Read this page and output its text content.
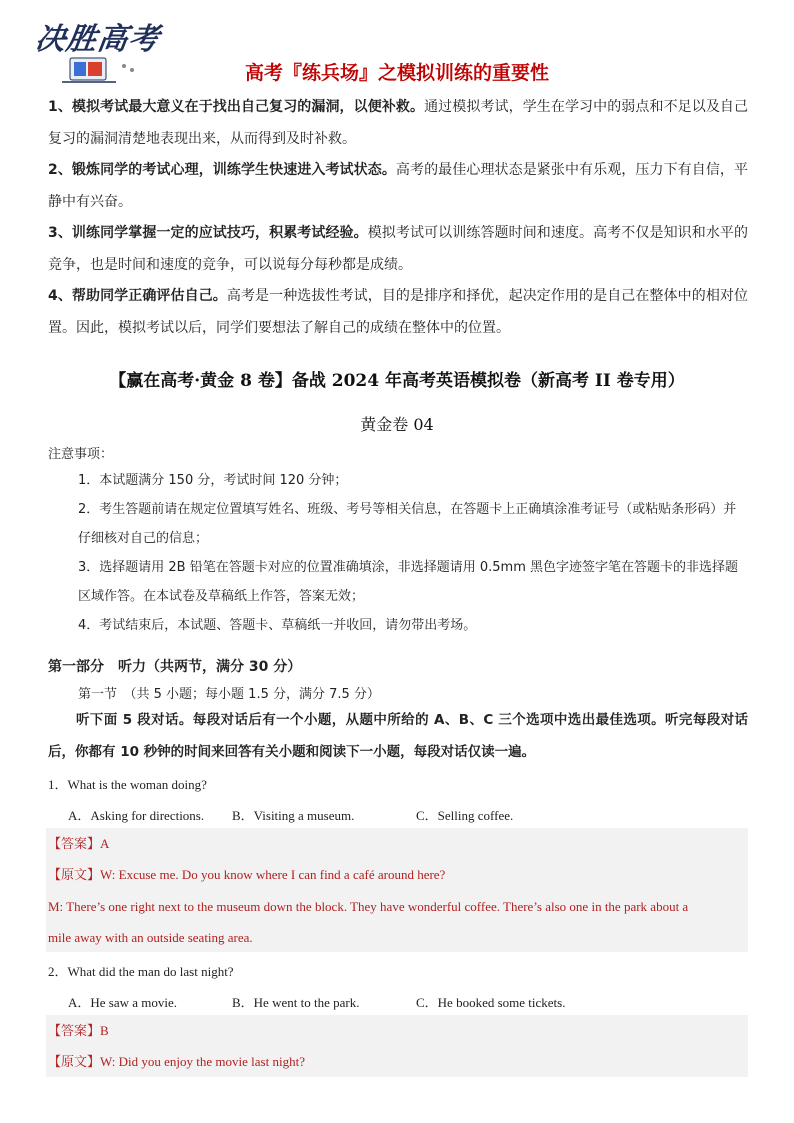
决胜高考
高考『练兵场』之模拟训练的重要性

1、模拟考试最大意义在于找出自己复习的漏洞，以便补救。通过模拟考试，学生在学习中的弱点和不足以及自己复习的漏洞清楚地表现出来，从而得到及时补救。

2、锻炼同学的考试心理，训练学生快速进入考试状态。高考的最佳心理状态是紧张中有乐观，压力下有自信，平静中有兴奋。

3、训练同学掌握一定的应试技巧，积累考试经验。模拟考试可以训练答题时间和速度。高考不仅是知识和水平的竞争，也是时间和速度的竞争，可以说每分每秒都是成绩。

4、帮助同学正确评估自己。高考是一种选拔性考试，目的是排序和择优，起决定作用的是自己在整体中的相对位置。因此，模拟考试以后，同学们要想法了解自己的成绩在整体中的位置。

【赢在高考·黄金 8 卷】备战 2024 年高考英语模拟卷（新高考 II 卷专用）
黄金卷 04
注意事项：
1．本试题满分 150 分，考试时间 120 分钟；
2．考生答题前请在规定位置填写姓名、班级、考号等相关信息，在答题卡上正确填涂准考证号（或粘贴条形码）并仔细核对自己的信息；
3．选择题请用 2B 铅笔在答题卡对应的位置准确填涂，非选择题请用 0.5mm 黑色字迹签字笔在答题卡的非选择题区域作答。在本试卷及草稿纸上作答，答案无效；
4．考试结束后，本试题、答题卡、草稿纸一并收回，请勿带出考场。
第一部分　听力（共两节，满分 30 分）
第一节　（共 5 小题；每小题 1.5 分，满分 7.5 分）
听下面 5 段对话。每段对话后有一个小题，从题中所给的 A、B、C 三个选项中选出最佳选项。听完每段对话后，你都有 10 秒钟的时间来回答有关小题和阅读下一小题，每段对话仅读一遍。
1．What is the woman doing?
A．Asking for directions. B．Visiting a museum.	C．Selling coffee.
【答案】A
【原文】W: Excuse me. Do you know where I can find a café around here?
M: There’s one right next to the museum down the block. They have wonderful coffee. There’s also one in the park about a
mile away with an outside seating area.
2．What did the man do last night?
A．He saw a movie.	B．He went to the park.	C．He booked some tickets.
【答案】B
【原文】W: Did you enjoy the movie last night?
